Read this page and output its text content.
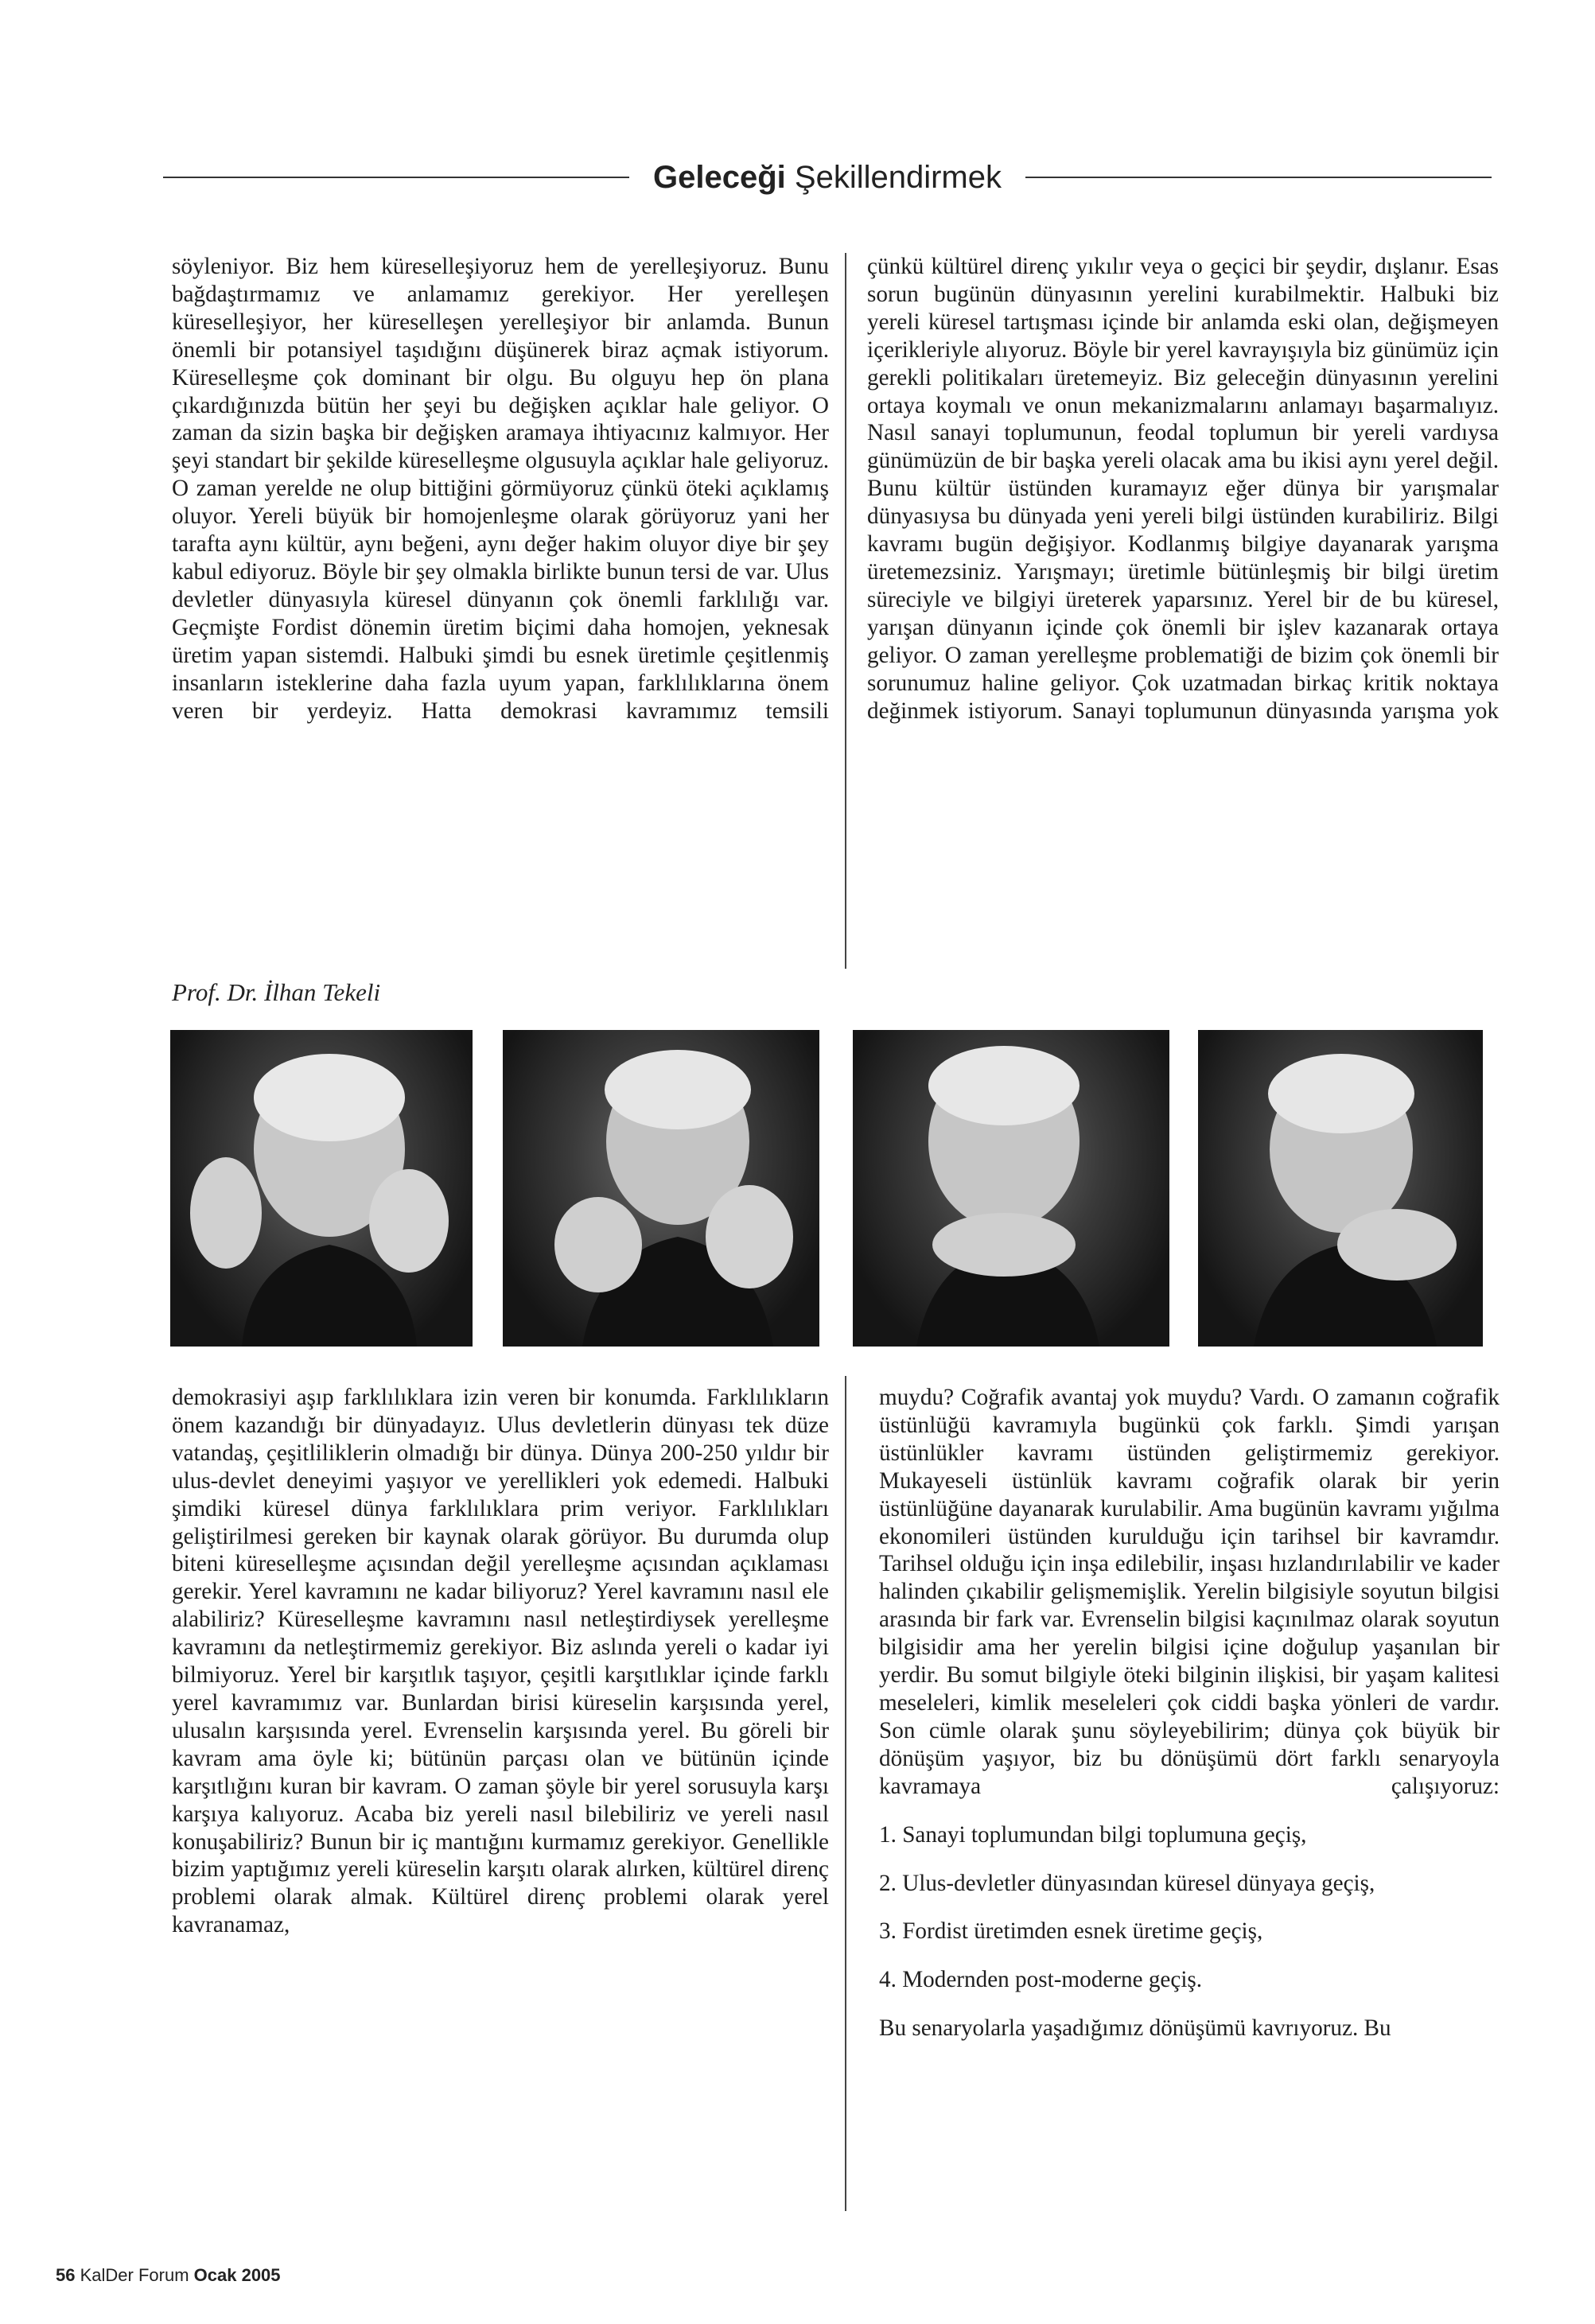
Geleceği Şekillendirmek

söyleniyor. Biz hem küreselleşiyoruz hem de yerelleşiyoruz. Bunu bağdaştırmamız ve anlamamız gerekiyor. Her yerelleşen küreselleşiyor, her küreselleşen yerelleşiyor bir anlamda. Bunun önemli bir potansiyel taşıdığını düşünerek biraz açmak istiyorum. Küreselleşme çok dominant bir olgu. Bu olguyu hep ön plana çıkardığınızda bütün her şeyi bu değişken açıklar hale geliyor. O zaman da sizin başka bir değişken aramaya ihtiyacınız kalmıyor. Her şeyi standart bir şekilde küreselleşme olgusuyla açıklar hale geliyoruz. O zaman yerelde ne olup bittiğini görmüyoruz çünkü öteki açıklamış oluyor. Yereli büyük bir homojenleşme olarak görüyoruz yani her tarafta aynı kültür, aynı beğeni, aynı değer hakim oluyor diye bir şey kabul ediyoruz. Böyle bir şey olmakla birlikte bunun tersi de var. Ulus devletler dünyasıyla küresel dünyanın çok önemli farklılığı var. Geçmişte Fordist dönemin üretim biçimi daha homojen, yeknesak üretim yapan sistemdi. Halbuki şimdi bu esnek üretimle çeşitlenmiş insanların isteklerine daha fazla uyum yapan, farklılıklarına önem veren bir yerdeyiz. Hatta demokrasi kavramımız temsili

çünkü kültürel direnç yıkılır veya o geçici bir şeydir, dışlanır. Esas sorun bugünün dünyasının yerelini kurabilmektir. Halbuki biz yereli küresel tartışması içinde bir anlamda eski olan, değişmeyen içerikleriyle alıyoruz. Böyle bir yerel kavrayışıyla biz günümüz için gerekli politikaları üretemeyiz. Biz geleceğin dünyasının yerelini ortaya koymalı ve onun mekanizmalarını anlamayı başarmalıyız. Nasıl sanayi toplumunun, feodal toplumun bir yereli vardıysa günümüzün de bir başka yereli olacak ama bu ikisi aynı yerel değil. Bunu kültür üstünden kuramayız eğer dünya bir yarışmalar dünyasıysa bu dünyada yeni yereli bilgi üstünden kurabiliriz. Bilgi kavramı bugün değişiyor. Kodlanmış bilgiye dayanarak yarışma üretemezsiniz. Yarışmayı; üretimle bütünleşmiş bir bilgi üretim süreciyle ve bilgiyi üreterek yaparsınız. Yerel bir de bu küresel, yarışan dünyanın içinde çok önemli bir işlev kazanarak ortaya geliyor. O zaman yerelleşme problematiği de bizim çok önemli bir sorunumuz haline geliyor. Çok uzatmadan birkaç kritik noktaya değinmek istiyorum. Sanayi toplumunun dünyasında yarışma yok

Prof. Dr. İlhan Tekeli

demokrasiyi aşıp farklılıklara izin veren bir konumda. Farklılıkların önem kazandığı bir dünyadayız. Ulus devletlerin dünyası tek düze vatandaş, çeşitliliklerin olmadığı bir dünya. Dünya 200-250 yıldır bir ulus-devlet deneyimi yaşıyor ve yerellikleri yok edemedi. Halbuki şimdiki küresel dünya farklılıklara prim veriyor. Farklılıkları geliştirilmesi gereken bir kaynak olarak görüyor. Bu durumda olup biteni küreselleşme açısından değil yerelleşme açısından açıklaması gerekir. Yerel kavramını ne kadar biliyoruz? Yerel kavramını nasıl ele alabiliriz? Küreselleşme kavramını nasıl netleştirdiysek yerelleşme kavramını da netleştirmemiz gerekiyor. Biz aslında yereli o kadar iyi bilmiyoruz. Yerel bir karşıtlık taşıyor, çeşitli karşıtlıklar içinde farklı yerel kavramımız var. Bunlardan birisi küreselin karşısında yerel, ulusalın karşısında yerel. Evrenselin karşısında yerel. Bu göreli bir kavram ama öyle ki; bütünün parçası olan ve bütünün içinde karşıtlığını kuran bir kavram. O zaman şöyle bir yerel sorusuyla karşı karşıya kalıyoruz. Acaba biz yereli nasıl bilebiliriz ve yereli nasıl konuşabiliriz? Bunun bir iç mantığını kurmamız gerekiyor. Genellikle bizim yaptığımız yereli küreselin karşıtı olarak alırken, kültürel direnç problemi olarak almak. Kültürel direnç problemi olarak yerel kavranamaz,

muydu? Coğrafik avantaj yok muydu? Vardı. O zamanın coğrafik üstünlüğü kavramıyla bugünkü çok farklı. Şimdi yarışan üstünlükler kavramı üstünden geliştirmemiz gerekiyor. Mukayeseli üstünlük kavramı coğrafik olarak bir yerin üstünlüğüne dayanarak kurulabilir. Ama bugünün kavramı yığılma ekonomileri üstünden kurulduğu için tarihsel bir kavramdır. Tarihsel olduğu için inşa edilebilir, inşası hızlandırılabilir ve kader halinden çıkabilir gelişmemişlik. Yerelin bilgisiyle soyutun bilgisi arasında bir fark var. Evrenselin bilgisi kaçınılmaz olarak soyutun bilgisidir ama her yerelin bilgisi içine doğulup yaşanılan bir yerdir. Bu somut bilgiyle öteki bilginin ilişkisi, bir yaşam kalitesi meseleleri, kimlik meseleleri çok ciddi başka yönleri de vardır. Son cümle olarak şunu söyleyebilirim; dünya çok büyük bir dönüşüm yaşıyor, biz bu dönüşümü dört farklı senaryoyla kavramaya çalışıyoruz:

1. Sanayi toplumundan bilgi toplumuna geçiş,

2. Ulus-devletler dünyasından küresel dünyaya geçiş,

3. Fordist üretimden esnek üretime geçiş,

4. Modernden post-moderne geçiş.

Bu senaryolarla yaşadığımız dönüşümü kavrıyoruz. Bu

56 KalDer Forum Ocak 2005
